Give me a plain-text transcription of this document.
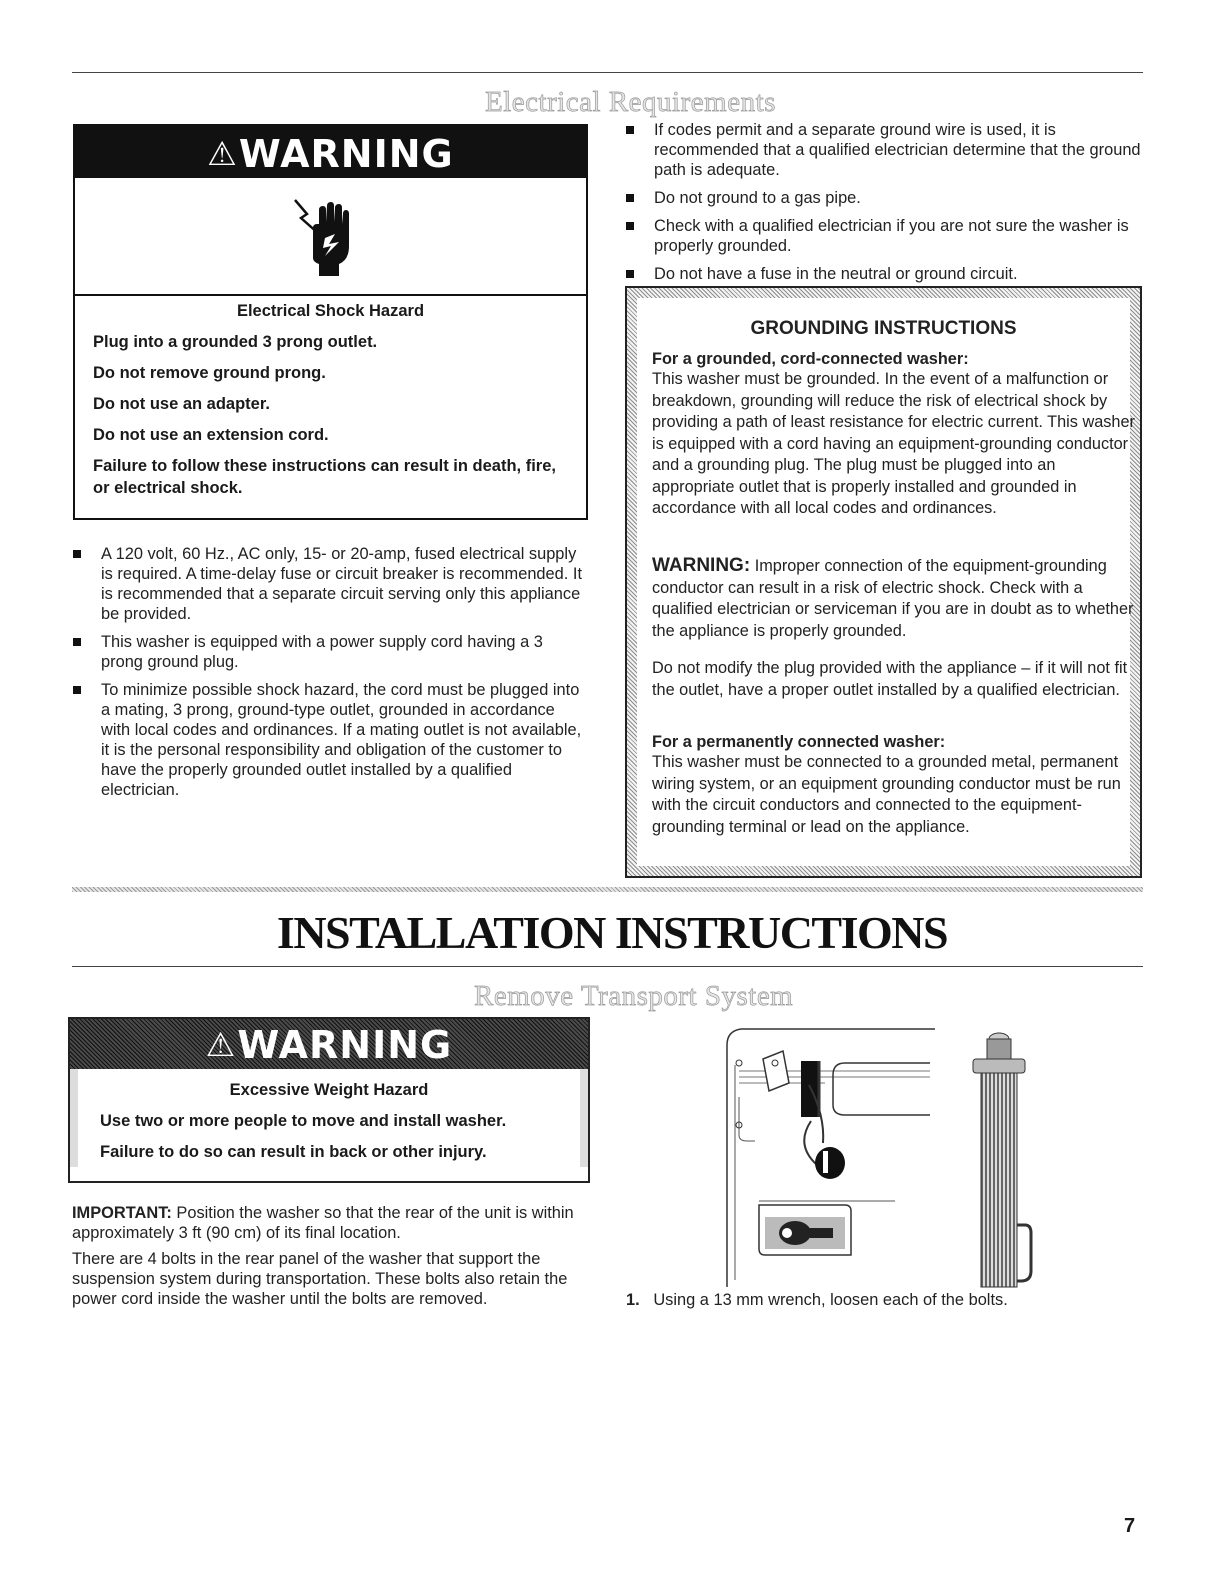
Electrical Requirements
⚠WARNING

Electrical Shock Hazard

Plug into a grounded 3 prong outlet.

Do not remove ground prong.

Do not use an adapter.

Do not use an extension cord.

Failure to follow these instructions can result in death, fire, or electrical shock.

A 120 volt, 60 Hz., AC only, 15- or 20-amp, fused electrical supply is required. A time-delay fuse or circuit breaker is recommended. It is recommended that a separate circuit serving only this appliance be provided.
This washer is equipped with a power supply cord having a 3 prong ground plug.
To minimize possible shock hazard, the cord must be plugged into a mating, 3 prong, ground-type outlet, grounded in accordance with local codes and ordinances. If a mating outlet is not available, it is the personal responsibility and obligation of the customer to have the properly grounded outlet installed by a qualified electrician.
If codes permit and a separate ground wire is used, it is recommended that a qualified electrician determine that the ground path is adequate.
Do not ground to a gas pipe.
Check with a qualified electrician if you are not sure the washer is properly grounded.
Do not have a fuse in the neutral or ground circuit.
GROUNDING INSTRUCTIONS

For a grounded, cord-connected washer:

This washer must be grounded. In the event of a malfunction or breakdown, grounding will reduce the risk of electrical shock by providing a path of least resistance for electric current. This washer is equipped with a cord having an equipment-grounding conductor and a grounding plug. The plug must be plugged into an appropriate outlet that is properly installed and grounded in accordance with all local codes and ordinances.

WARNING: Improper connection of the equipment-grounding conductor can result in a risk of electric shock. Check with a qualified electrician or serviceman if you are in doubt as to whether the appliance is properly grounded.

Do not modify the plug provided with the appliance – if it will not fit the outlet, have a proper outlet installed by a qualified electrician.

For a permanently connected washer:

This washer must be connected to a grounded metal, permanent wiring system, or an equipment grounding conductor must be run with the circuit conductors and connected to the equipment-grounding terminal or lead on the appliance.

INSTALLATION INSTRUCTIONS
Remove Transport System
⚠WARNING

Excessive Weight Hazard

Use two or more people to move and install washer.

Failure to do so can result in back or other injury.

IMPORTANT: Position the washer so that the rear of the unit is within approximately 3 ft (90 cm) of its final location.

There are 4 bolts in the rear panel of the washer that support the suspension system during transportation. These bolts also retain the power cord inside the washer until the bolts are removed.	1. Using a 13 mm wrench, loosen each of the bolts.

7
